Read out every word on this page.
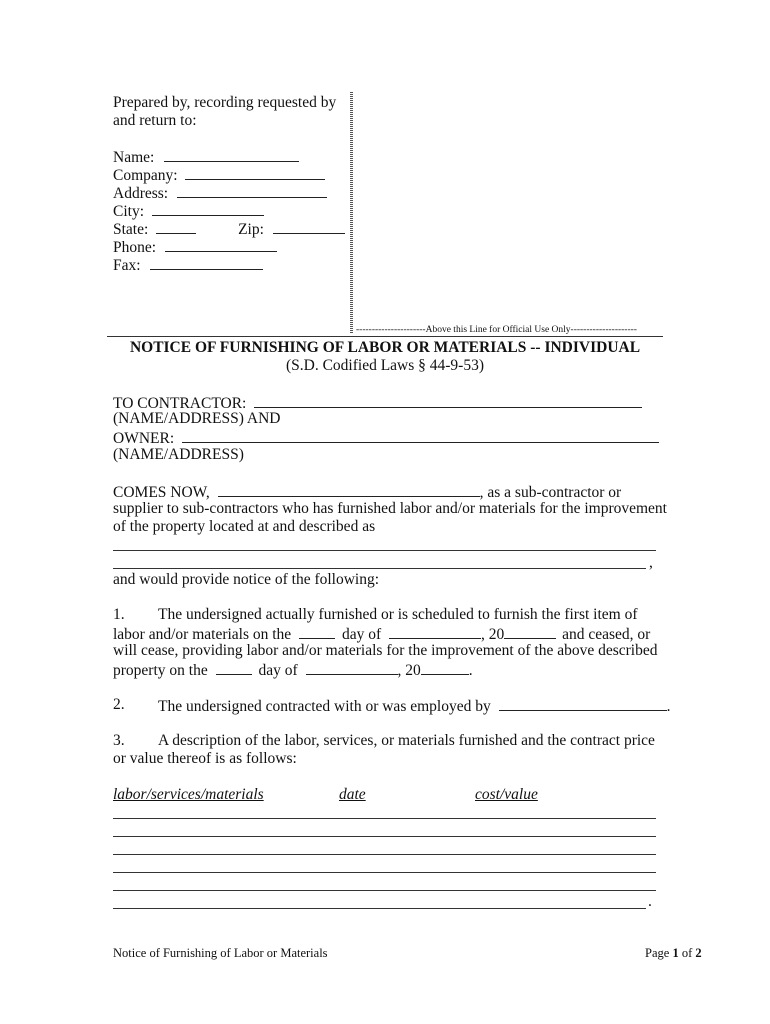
Prepared by, recording requested by
and return to:
Name:
Company:
Address:
City:
State:	Zip:
Phone:
Fax:
----------------------Above this Line for Official Use Only---------------------
NOTICE OF FURNISHING OF LABOR OR MATERIALS -- INDIVIDUAL
(S.D. Codified Laws § 44-9-53)
TO CONTRACTOR:
(NAME/ADDRESS) AND
OWNER:
(NAME/ADDRESS)
COMES NOW,	, as a sub-contractor or
supplier to sub-contractors who has furnished labor and/or materials for the improvement
of the property located at and described as
,
and would provide notice of the following:
1. The undersigned actually furnished or is scheduled to furnish the first item of
labor and/or materials on the	day of	, 20	and ceased, or
will cease, providing labor and/or materials for the improvement of the above described
property on the	day of	, 20	.
2. The undersigned contracted with or was employed by	.
3. A description of the labor, services, or materials furnished and the contract price
or value thereof is as follows:
labor/services/materials	date	cost/value
.
Notice of Furnishing of Labor or Materials	Page 1 of 2
